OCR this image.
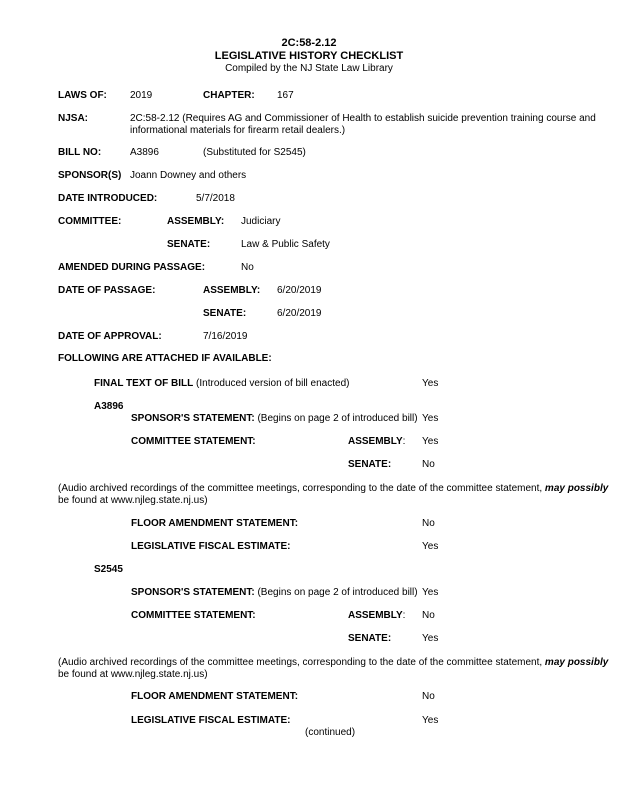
2C:58-2.12
LEGISLATIVE HISTORY CHECKLIST
Compiled by the NJ State Law Library
LAWS OF: 2019	CHAPTER: 167
NJSA:	2C:58-2.12 (Requires AG and Commissioner of Health to establish suicide prevention training course and
informational materials for firearm retail dealers.)
BILL NO:	A3896	(Substituted for S2545)
SPONSOR(S) Joann Downey and others
DATE INTRODUCED:	5/7/2018
COMMITTEE:	ASSEMBLY: Judiciary
SENATE:	Law & Public Safety
AMENDED DURING PASSAGE:	No
DATE OF PASSAGE:	ASSEMBLY: 6/20/2019
SENATE:	6/20/2019
DATE OF APPROVAL:	7/16/2019
FOLLOWING ARE ATTACHED IF AVAILABLE:
FINAL TEXT OF BILL (Introduced version of bill enacted)	Yes
A3896
SPONSOR'S STATEMENT: (Begins on page 2 of introduced bill) Yes
COMMITTEE STATEMENT:	ASSEMBLY: Yes
SENATE:	No
(Audio archived recordings of the committee meetings, corresponding to the date of the committee statement, may possibly
be found at www.njleg.state.nj.us)
FLOOR AMENDMENT STATEMENT:	No
LEGISLATIVE FISCAL ESTIMATE:	Yes
S2545
SPONSOR'S STATEMENT: (Begins on page 2 of introduced bill) Yes
COMMITTEE STATEMENT:	ASSEMBLY: No
SENATE:	Yes
(Audio archived recordings of the committee meetings, corresponding to the date of the committee statement, may possibly
be found at www.njleg.state.nj.us)
FLOOR AMENDMENT STATEMENT:	No
LEGISLATIVE FISCAL ESTIMATE:	Yes
(continued)
